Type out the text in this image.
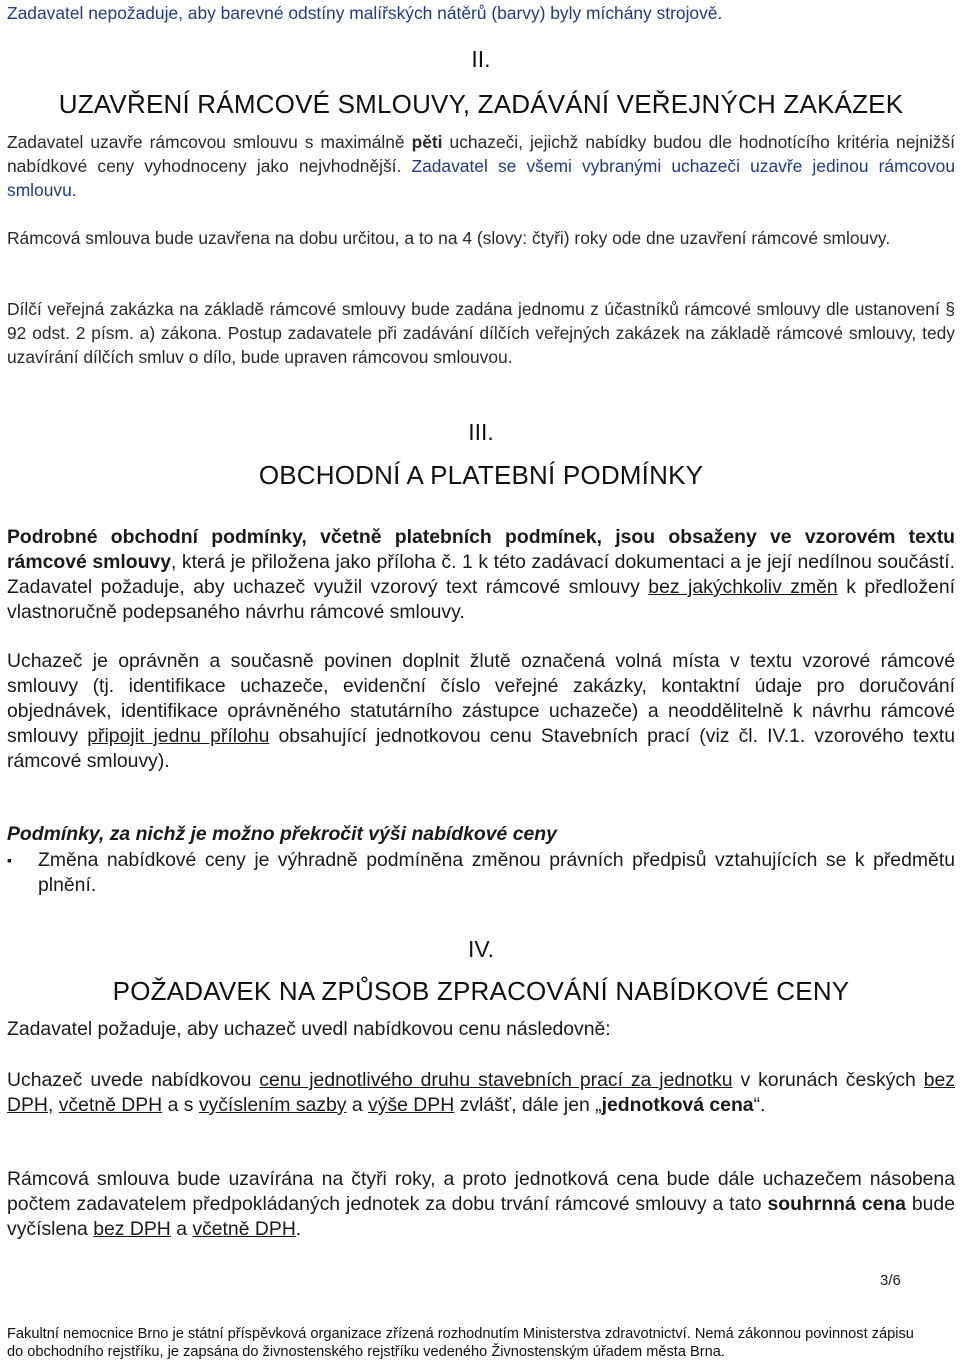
Zadavatel nepožaduje, aby barevné odstíny malířských nátěrů (barvy) byly míchány strojově.

II.
UZAVŘENÍ RÁMCOVÉ SMLOUVY, ZADÁVÁNÍ VEŘEJNÝCH ZAKÁZEK

Zadavatel uzavře rámcovou smlouvu s maximálně pěti uchazeči, jejichž nabídky budou dle hodnotícího kritéria nejnižší nabídkové ceny vyhodnoceny jako nejvhodnější. Zadavatel se všemi vybranými uchazeči uzavře jedinou rámcovou smlouvu.

Rámcová smlouva bude uzavřena na dobu určitou, a to na 4 (slovy: čtyři) roky ode dne uzavření rámcové smlouvy.

Dílčí veřejná zakázka na základě rámcové smlouvy bude zadána jednomu z účastníků rámcové smlouvy dle ustanovení § 92 odst. 2 písm. a) zákona. Postup zadavatele při zadávání dílčích veřejných zakázek na základě rámcové smlouvy, tedy uzavírání dílčích smluv o dílo, bude upraven rámcovou smlouvou.

III.
OBCHODNÍ A PLATEBNÍ PODMÍNKY

Podrobné obchodní podmínky, včetně platebních podmínek, jsou obsaženy ve vzorovém textu rámcové smlouvy, která je přiložena jako příloha č. 1 k této zadávací dokumentaci a je její nedílnou součástí. Zadavatel požaduje, aby uchazeč využil vzorový text rámcové smlouvy bez jakýchkoliv změn k předložení vlastnoručně podepsaného návrhu rámcové smlouvy.

Uchazeč je oprávněn a současně povinen doplnit žlutě označená volná místa v textu vzorové rámcové smlouvy (tj. identifikace uchazeče, evidenční číslo veřejné zakázky, kontaktní údaje pro doručování objednávek, identifikace oprávněného statutárního zástupce uchazeče) a neoddělitelně k návrhu rámcové smlouvy připojit jednu přílohu obsahující jednotkovou cenu Stavebních prací (viz čl. IV.1. vzorového textu rámcové smlouvy).

Podmínky, za nichž je možno překročit výši nabídkové ceny

▪	Změna nabídkové ceny je výhradně podmíněna změnou právních předpisů vztahujících se k předmětu plnění.

IV.
POŽADAVEK NA ZPŮSOB ZPRACOVÁNÍ NABÍDKOVÉ CENY

Zadavatel požaduje, aby uchazeč uvedl nabídkovou cenu následovně:

Uchazeč uvede nabídkovou cenu jednotlivého druhu stavebních prací za jednotku v korunách českých bez DPH, včetně DPH a s vyčíslením sazby a výše DPH zvlášť, dále jen „jednotková cena“.

Rámcová smlouva bude uzavírána na čtyři roky, a proto jednotková cena bude dále uchazečem násobena počtem zadavatelem předpokládaných jednotek za dobu trvání rámcové smlouvy a tato souhrnná cena bude vyčíslena bez DPH a včetně DPH.

3/6
Fakultní nemocnice Brno je státní příspěvková organizace zřízená rozhodnutím Ministerstva zdravotnictví. Nemá zákonnou povinnost zápisu
do obchodního rejstříku, je zapsána do živnostenského rejstříku vedeného Živnostenským úřadem města Brna.
